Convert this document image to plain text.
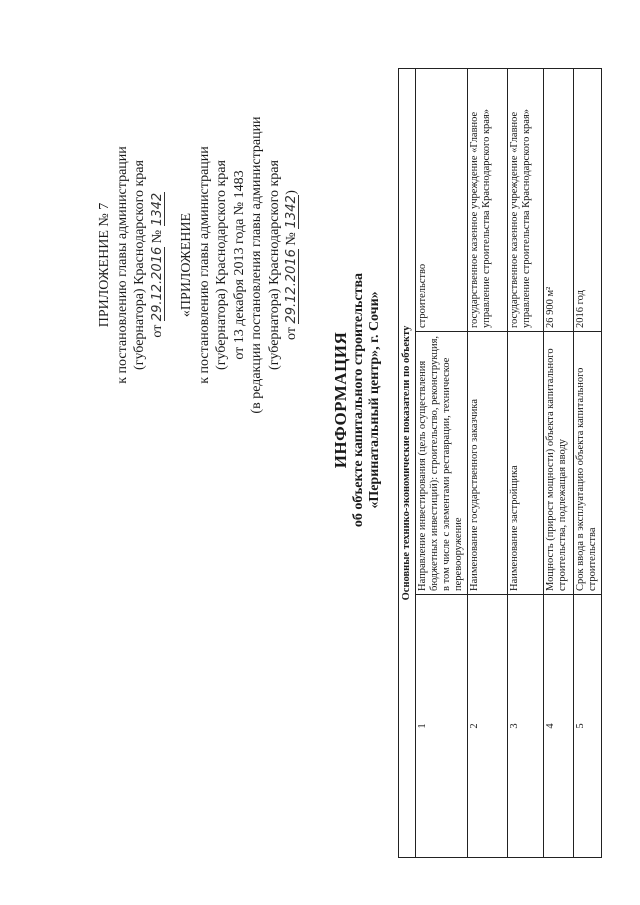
ПРИЛОЖЕНИЕ № 7 к постановлению главы администрации (губернатора) Краснодарского края от 29.12.2016 № 1342
«ПРИЛОЖЕНИЕ к постановлению главы администрации (губернатора) Краснодарского края от 13 декабря 2013 года № 1483 (в редакции постановления главы администрации (губернатора) Краснодарского края от 29.12.2016 № 1342)
ИНФОРМАЦИЯ об объекте капитального строительства «Перинатальный центр», г. Сочи» Основные технико-экономические показатели по объекту		
1	Направление инвестирования (цель осуществления бюджетных инвестиций): строительство, реконструкция, в том числе с элементами реставрации, техническое перевооружение	строительство
2	Наименование государственного заказчика	государственное казенное учреждение «Главное управление строительства Краснодарского края»
3	Наименование застройщика	государственное казенное учреждение «Главное управление строительства Краснодарского края»
4	Мощность (прирост мощности) объекта капитального строительства, подлежащая вводу	26 900 м²
5	Срок ввода в эксплуатацию объекта капитального строительства	2016 год
